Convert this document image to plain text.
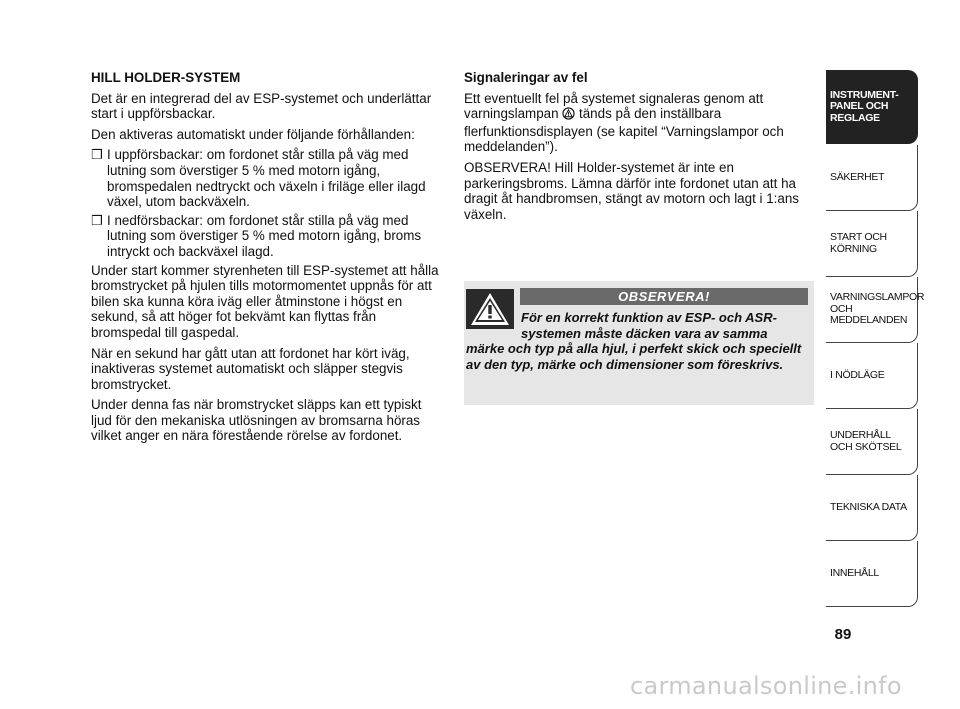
HILL HOLDER-SYSTEM

Det är en integrerad del av ESP-systemet och underlättar start i uppförsbackar.

Den aktiveras automatiskt under följande förhållanden:

❒ I uppförsbackar: om fordonet står stilla på väg med lutning som överstiger 5 % med motorn igång, bromspedalen nedtryckt och växeln i friläge eller ilagd växel, utom backväxeln.
❒ I nedförsbackar: om fordonet står stilla på väg med lutning som överstiger 5 % med motorn igång, broms intryckt och backväxel ilagd.

Under start kommer styrenheten till ESP-systemet att hålla bromstrycket på hjulen tills motormomentet uppnås för att bilen ska kunna köra iväg eller åtminstone i högst en sekund, så att höger fot bekvämt kan flyttas från bromspedal till gaspedal.

När en sekund har gått utan att fordonet har kört iväg, inaktiveras systemet automatiskt och släpper stegvis bromstrycket.

Under denna fas när bromstrycket släpps kan ett typiskt ljud för den mekaniska utlösningen av bromsarna höras vilket anger en nära förestående rörelse av fordonet.

Signaleringar av fel

Ett eventuellt fel på systemet signaleras genom att varningslampan tänds på den inställbara flerfunktionsdisplayen (se kapitel “Varningslampor och meddelanden”).

OBSERVERA! Hill Holder-systemet är inte en parkeringsbroms. Lämna därför inte fordonet utan att ha dragit åt handbromsen, stängt av motorn och lagt i 1:ans växeln.

OBSERVERA!
För en korrekt funktion av ESP- och ASR-systemen måste däcken vara av samma
märke och typ på alla hjul, i perfekt skick och speciellt av den typ, märke och dimensioner som föreskrivs.
INSTRUMENT-
PANEL OCH
REGLAGE
SÄKERHET
START OCH
KÖRNING
VARNINGSLAMPOR
OCH
MEDDELANDEN
I NÖDLÄGE
UNDERHÅLL
OCH SKÖTSEL
TEKNISKA DATA
INNEHÅLL
89
carmanualsonline.info
